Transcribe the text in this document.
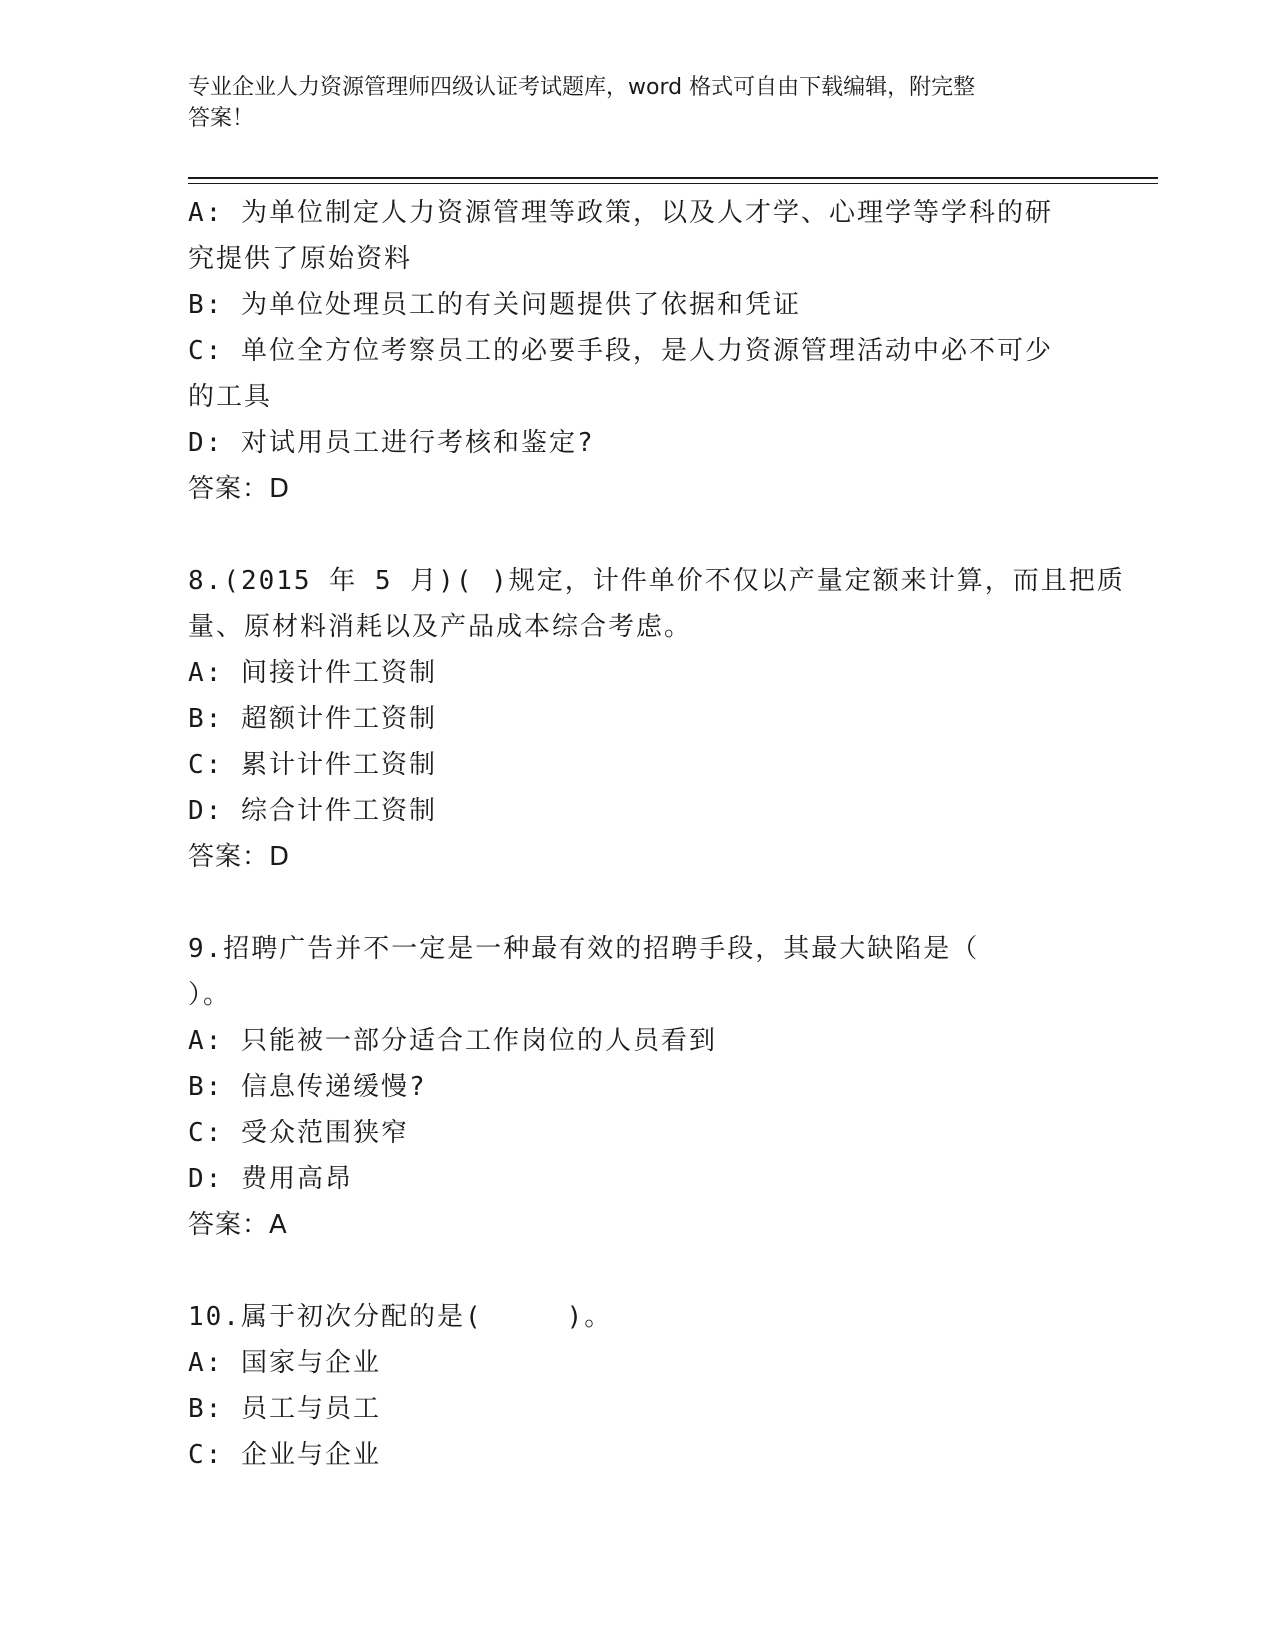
专业企业人力资源管理师四级认证考试题库，word 格式可自由下载编辑，附完整
答案！
A: 为单位制定人力资源管理等政策，以及人才学、心理学等学科的研
究提供了原始资料
B: 为单位处理员工的有关问题提供了依据和凭证
C: 单位全方位考察员工的必要手段，是人力资源管理活动中必不可少
的工具
D: 对试用员工进行考核和鉴定?
答案：D
8.(2015 年 5 月)( )规定，计件单价不仅以产量定额来计算，而且把质
量、原材料消耗以及产品成本综合考虑。
A: 间接计件工资制
B: 超额计件工资制
C: 累计计件工资制
D: 综合计件工资制
答案：D
9.招聘广告并不一定是一种最有效的招聘手段，其最大缺陷是（
）。
A: 只能被一部分适合工作岗位的人员看到
B: 信息传递缓慢?
C: 受众范围狭窄
D: 费用高昂
答案：A
10.属于初次分配的是(　　　)。
A: 国家与企业
B: 员工与员工
C: 企业与企业
